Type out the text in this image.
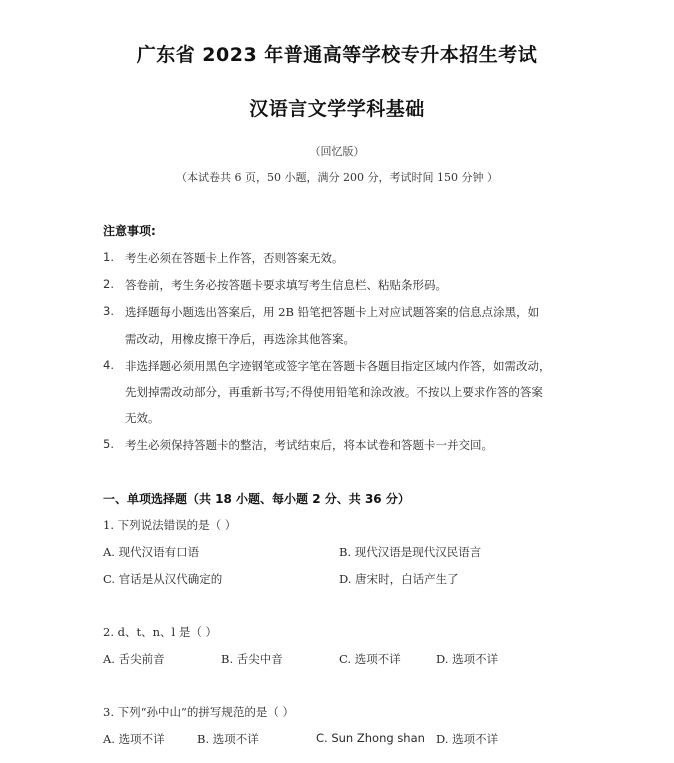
广东省 2023 年普通高等学校专升本招生考试
汉语言文学学科基础
（回忆版）
（本试卷共 6 页，50 小题，满分 200 分，考试时间 150 分钟 ）
注意事项:
1. 考生必须在答题卡上作答，否则答案无效。
2. 答卷前，考生务必按答题卡要求填写考生信息栏、粘贴条形码。
3. 选择题每小题选出答案后，用 2B 铅笔把答题卡上对应试题答案的信息点涂黑，如
需改动，用橡皮擦干净后，再选涂其他答案。
4. 非选择题必须用黑色字迹钢笔或签字笔在答题卡各题目指定区域内作答，如需改动，
先划掉需改动部分，再重新书写;不得使用铅笔和涂改液。不按以上要求作答的答案
无效。
5. 考生必须保持答题卡的整洁，考试结束后，将本试卷和答题卡一并交回。
一、单项选择题（共 18 小题、每小题 2 分、共 36 分）
1. 下列说法错误的是（ ）
A. 现代汉语有口语	B. 现代汉语是现代汉民语言
C. 官话是从汉代确定的	D. 唐宋时，白话产生了
2. d、t、n、l 是（ ）
A. 舌尖前音	B. 舌尖中音	C. 选项不详	D. 选项不详
3. 下列“孙中山”的拼写规范的是（ ）
A. 选项不详	B. 选项不详	C. Sun Zhong shan D. 选项不详
